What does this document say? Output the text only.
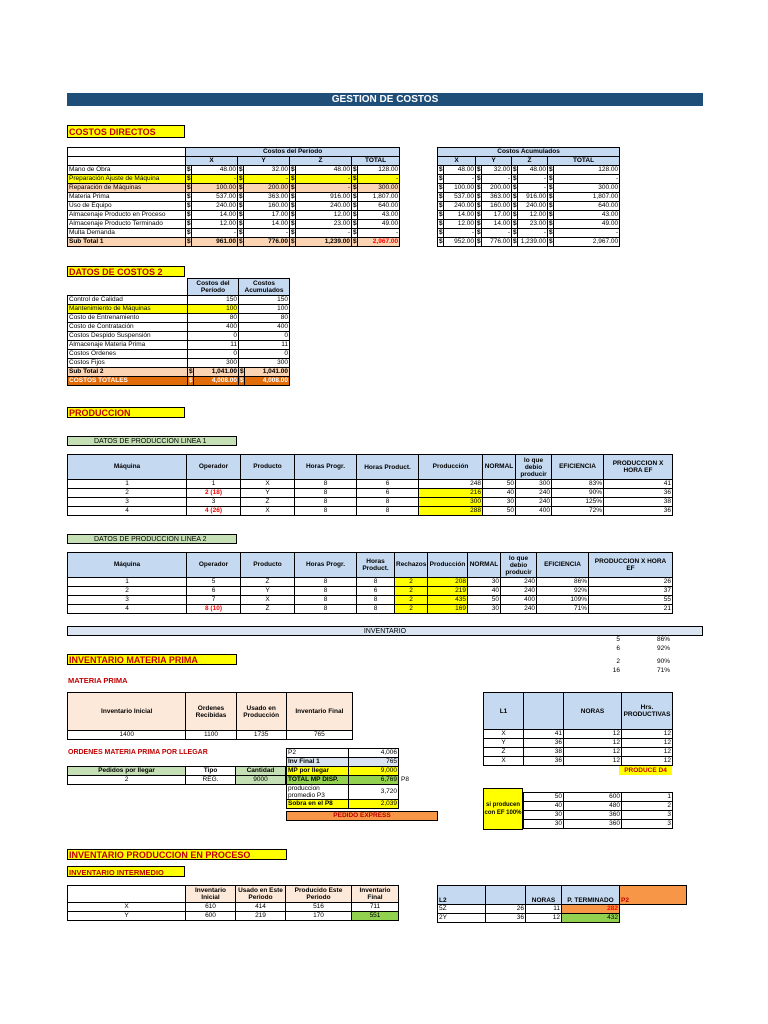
GESTION DE COSTOS
COSTOS DIRECTOS
	Costos del Período							
	X		Y		Z		TOTAL	
Mano de Obra	$	48.00	$	32.00	$	48.00	$	128.00
Preparación Ajuste de Máquina	$	-	$	-	$	-	$	-
Reparación de Máquinas	$	100.00	$	200.00	$	-	$	300.00
Materia Prima	$	537.00	$	363.00	$	916.00	$	1,807.00
Uso de Equipo	$	240.00	$	160.00	$	240.00	$	640.00
Almacenaje Producto en Proceso	$	14.00	$	17.00	$	12.00	$	43.00
Almacenaje Producto Terminado	$	12.00	$	14.00	$	23.00	$	49.00
Multa Demanda	$	-	$	-	$	-	$	-
Sub Total 1	$	961.00	$	776.00	$	1,239.00	$	2,967.00
Costos Acumulados							
X		Y		Z		TOTAL	
$	48.00	$	32.00	$	48.00	$	128.00
$	-	$	-	$	-	$	-
$	100.00	$	200.00	$	-	$	300.00
$	537.00	$	363.00	$	916.00	$	1,807.00
$	240.00	$	160.00	$	240.00	$	640.00
$	14.00	$	17.00	$	12.00	$	43.00
$	12.00	$	14.00	$	23.00	$	49.00
$	-	$	-	$	-	$	-
$	952.00	$	776.00	$	1,239.00	$	2,967.00
DATOS DE COSTOS 2
	Costos del Período		Costos Acumulados	
Control de Calidad	150		150	
Mantenimiento de Máquinas	100		100	
Costo de Entrenamiento	80		80	
Costo de Contratación	400		400	
Costos Despido Suspensión	0		0	
Almacenaje Materia Prima	11		11	
Costos Ordenes	0		0	
Costos Fijos	300		300	
Sub Total 2	$	1,041.00	$	1,041.00
COSTOS TOTALES	$	4,008.00	$	4,008.00
PRODUCCION
DATOS DE PRODUCCION LINEA 1
Máquina	Operador	Producto	Horas Progr.	Horas Product.	Producción	NORMAL	lo que debio producir	EFICIENCIA	PRODUCCION X HORA EF
1	1	X	8	6	248	50	300	83%	41
2	2 (18)	Y	8	6	216	40	240	90%	36
3	3	Z	8	8	300	30	240	125%	38
4	4 (26)	X	8	8	288	50	400	72%	36
DATOS DE PRODUCCION LINEA 2
Máquina	Operador	Producto	Horas Progr.	Horas Product.	Rechazos	Producción	NORMAL	lo que debio producir	EFICIENCIA	PRODUCCION X HORA EF
1	5	Z	8	8	2	208	30	240	86%	26
2	6	Y	8	6	2	219	40	240	92%	37
3	7	X	8	8	2	435	50	400	109%	55
4	8 (10)	Z	8	8	2	169	30	240	71%	21
INVENTARIO
5	86%
6	92%
2	90%
16	71%
INVENTARIO MATERIA PRIMA
MATERIA PRIMA
Inventario Inicial	Ordenes Recibidas	Usado en Producción	Inventario Final
1400	1100	1735	765
ORDENES MATERIA PRIMA POR LLEGAR
Pedidos por llegar	Tipo	Cantidad
2	REG.	9000
P2	4,006
Inv Final 1	765
MP por llegar	9,000
TOTAL MP DISP.	6,769
produccion promedio P3	3,720
Sobra en el P8	2,039
P8
PEDIDO EXPRESS
L1		NORAS	Hrs. PRODUCTIVAS
X	41	12	12
Y	36	12	12
Z	38	12	12
X	36	12	12
PRODUCE D4
si producen con EF 100%
50	600	1
40	480	2
30	360	3
30	360	3
INVENTARIO PRODUCCION EN PROCESO
INVENTARIO INTERMEDIO
	Inventario Inicial	Usado en Este Periodo	Producido Este Periodo	Inventario Final
X	610	414	516	711
Y	600	219	170	551
L2		NORAS	P. TERMINADO	P2
5Z	26	11	282	
2Y	36	12	432	
